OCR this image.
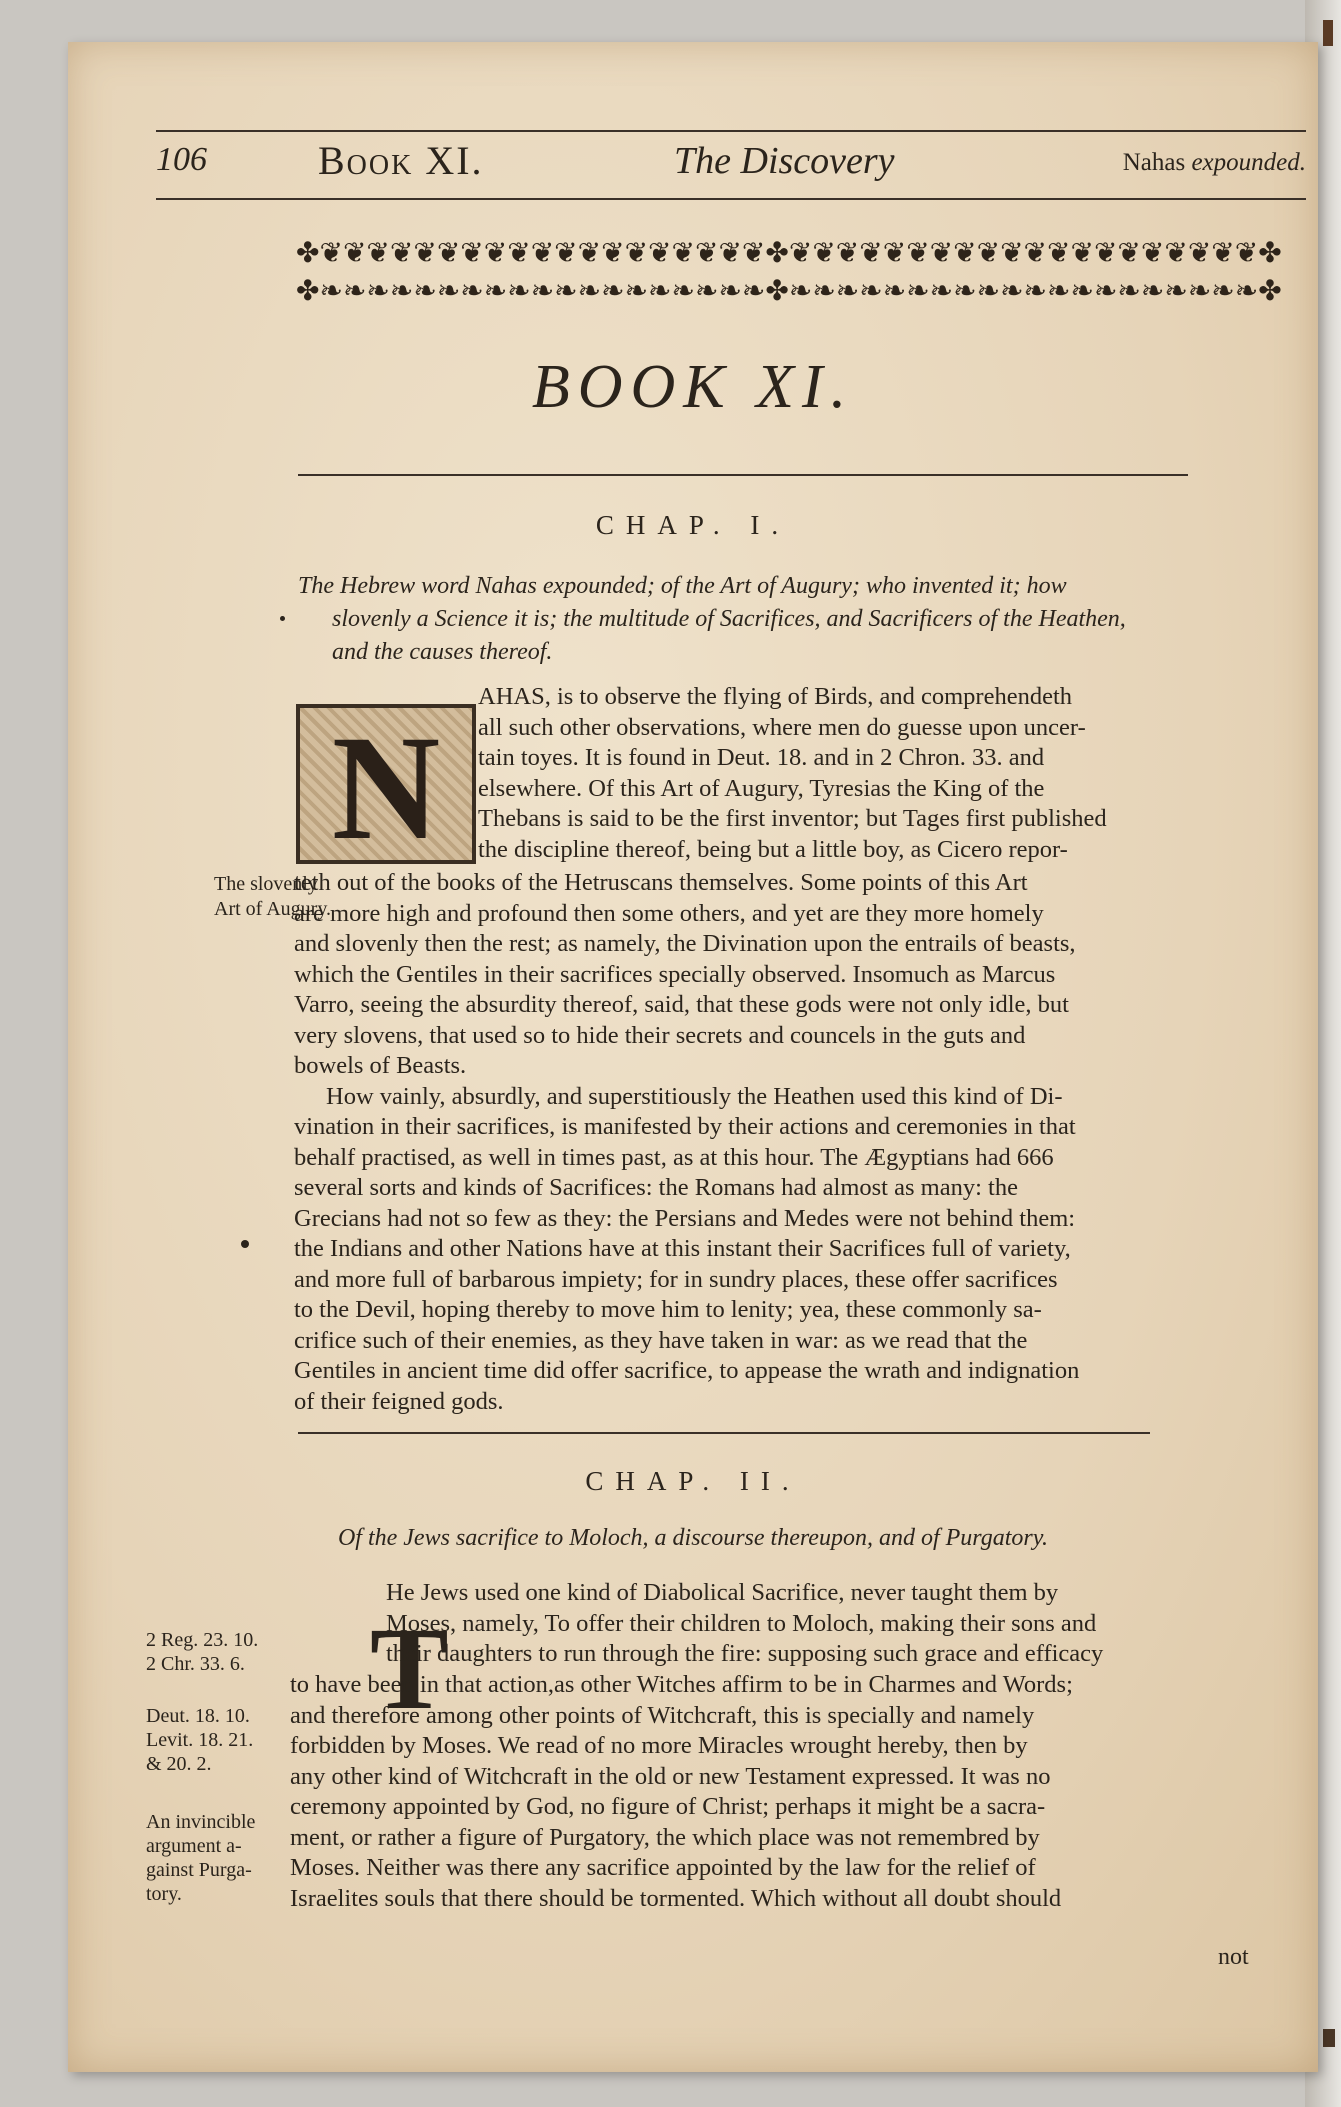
106	Book XI.	The Discovery	Nahas expounded.
✤ ❦ ❦ ❦ ❦ ❦ ❦ ❦ ❦ ❦ ❦ ❦ ❦ ❦ ❦ ❦ ❦ ❦ ❦ ❦ ✤ ❦ ❦ ❦ ❦ ❦ ❦ ❦ ❦ ❦ ❦ ❦ ❦ ❦ ❦ ❦ ❦ ❦ ❦ ❦ ❦ ✤
✤ ❧ ❧ ❧ ❧ ❧ ❧ ❧ ❧ ❧ ❧ ❧ ❧ ❧ ❧ ❧ ❧ ❧ ❧ ❧ ✤ ❧ ❧ ❧ ❧ ❧ ❧ ❧ ❧ ❧ ❧ ❧ ❧ ❧ ❧ ❧ ❧ ❧ ❧ ❧ ❧ ✤
BOOK XI.
CHAP. I.
The Hebrew word Nahas expounded; of the Art of Augury; who invented it; how
slovenly a Science it is; the multitude of Sacrifices, and Sacrificers of the Heathen,
and the causes thereof.
N
AHAS, is to observe the flying of Birds, and comprehendeth
all such other observations, where men do guesse upon uncer-
tain toyes. It is found in Deut. 18. and in 2 Chron. 33. and
elsewhere. Of this Art of Augury, Tyresias the King of the
Thebans is said to be the first inventor; but Tages first published
the discipline thereof, being but a little boy, as Cicero repor-
teth out of the books of the Hetruscans themselves. Some points of this Art
are more high and profound then some others, and yet are they more homely
and slovenly then the rest; as namely, the Divination upon the entrails of beasts,
which the Gentiles in their sacrifices specially observed. Insomuch as Marcus
Varro, seeing the absurdity thereof, said, that these gods were not only idle, but
very slovens, that used so to hide their secrets and councels in the guts and
bowels of Beasts.
How vainly, absurdly, and superstitiously the Heathen used this kind of Di-
vination in their sacrifices, is manifested by their actions and ceremonies in that
behalf practised, as well in times past, as at this hour. The Ægyptians had 666
several sorts and kinds of Sacrifices: the Romans had almost as many: the
Grecians had not so few as they: the Persians and Medes were not behind them:
the Indians and other Nations have at this instant their Sacrifices full of variety,
and more full of barbarous impiety; for in sundry places, these offer sacrifices
to the Devil, hoping thereby to move him to lenity; yea, these commonly sa-
crifice such of their enemies, as they have taken in war: as we read that the
Gentiles in ancient time did offer sacrifice, to appease the wrath and indignation
of their feigned gods.
The slovenly
Art of Augury.
CHAP. II.
Of the Jews sacrifice to Moloch, a discourse thereupon, and of Purgatory.
T
He Jews used one kind of Diabolical Sacrifice, never taught them by
Moses, namely, To offer their children to Moloch, making their sons and
their daughters to run through the fire: supposing such grace and efficacy
to have been in that action,as other Witches affirm to be in Charmes and Words;
and therefore among other points of Witchcraft, this is specially and namely
forbidden by Moses. We read of no more Miracles wrought hereby, then by
any other kind of Witchcraft in the old or new Testament expressed. It was no
ceremony appointed by God, no figure of Christ; perhaps it might be a sacra-
ment, or rather a figure of Purgatory, the which place was not remembred by
Moses. Neither was there any sacrifice appointed by the law for the relief of
Israelites souls that there should be tormented. Which without all doubt should
2 Reg. 23. 10.
2 Chr. 33. 6.
Deut. 18. 10.
Levit. 18. 21.
& 20. 2.
An invincible
argument a-
gainst Purga-
tory.
not
